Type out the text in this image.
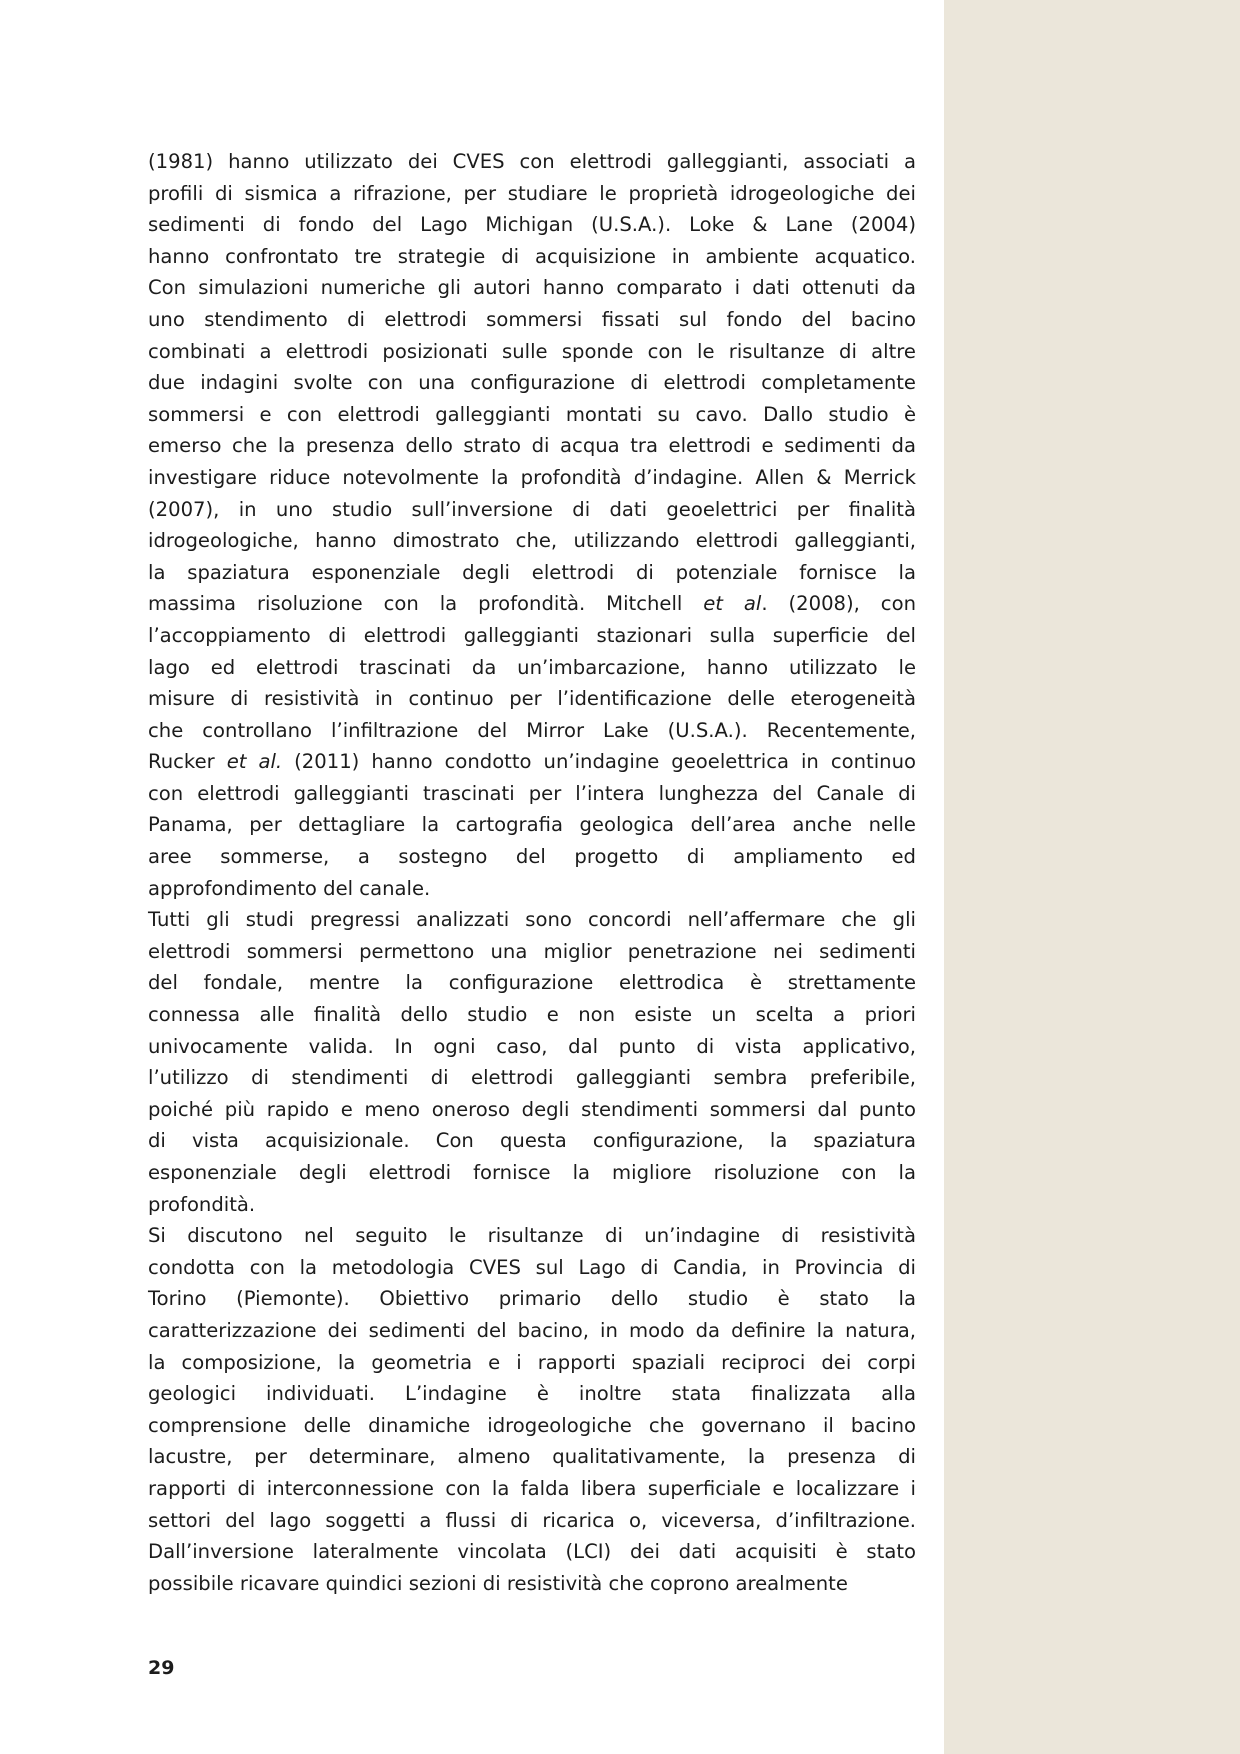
(1981) hanno utilizzato dei CVES con elettrodi galleggianti, associati a
profili di sismica a rifrazione, per studiare le proprietà idrogeologiche dei
sedimenti di fondo del Lago Michigan (U.S.A.). Loke & Lane (2004)
hanno confrontato tre strategie di acquisizione in ambiente acquatico.
Con simulazioni numeriche gli autori hanno comparato i dati ottenuti da
uno stendimento di elettrodi sommersi fissati sul fondo del bacino
combinati a elettrodi posizionati sulle sponde con le risultanze di altre
due indagini svolte con una configurazione di elettrodi completamente
sommersi e con elettrodi galleggianti montati su cavo. Dallo studio è
emerso che la presenza dello strato di acqua tra elettrodi e sedimenti da
investigare riduce notevolmente la profondità d’indagine. Allen & Merrick
(2007), in uno studio sull’inversione di dati geoelettrici per finalità
idrogeologiche, hanno dimostrato che, utilizzando elettrodi galleggianti,
la spaziatura esponenziale degli elettrodi di potenziale fornisce la
massima risoluzione con la profondità. Mitchell et al. (2008), con
l’accoppiamento di elettrodi galleggianti stazionari sulla superficie del
lago ed elettrodi trascinati da un’imbarcazione, hanno utilizzato le
misure di resistività in continuo per l’identificazione delle eterogeneità
che controllano l’infiltrazione del Mirror Lake (U.S.A.). Recentemente,
Rucker et al. (2011) hanno condotto un’indagine geoelettrica in continuo
con elettrodi galleggianti trascinati per l’intera lunghezza del Canale di
Panama, per dettagliare la cartografia geologica dell’area anche nelle
aree sommerse, a sostegno del progetto di ampliamento ed
approfondimento del canale.
Tutti gli studi pregressi analizzati sono concordi nell’affermare che gli
elettrodi sommersi permettono una miglior penetrazione nei sedimenti
del fondale, mentre la configurazione elettrodica è strettamente
connessa alle finalità dello studio e non esiste un scelta a priori
univocamente valida. In ogni caso, dal punto di vista applicativo,
l’utilizzo di stendimenti di elettrodi galleggianti sembra preferibile,
poiché più rapido e meno oneroso degli stendimenti sommersi dal punto
di vista acquisizionale. Con questa configurazione, la spaziatura
esponenziale degli elettrodi fornisce la migliore risoluzione con la
profondità.
Si discutono nel seguito le risultanze di un’indagine di resistività
condotta con la metodologia CVES sul Lago di Candia, in Provincia di
Torino (Piemonte). Obiettivo primario dello studio è stato la
caratterizzazione dei sedimenti del bacino, in modo da definire la natura,
la composizione, la geometria e i rapporti spaziali reciproci dei corpi
geologici individuati. L’indagine è inoltre stata finalizzata alla
comprensione delle dinamiche idrogeologiche che governano il bacino
lacustre, per determinare, almeno qualitativamente, la presenza di
rapporti di interconnessione con la falda libera superficiale e localizzare i
settori del lago soggetti a flussi di ricarica o, viceversa, d’infiltrazione.
Dall’inversione lateralmente vincolata (LCI) dei dati acquisiti è stato
possibile ricavare quindici sezioni di resistività che coprono arealmente
29
